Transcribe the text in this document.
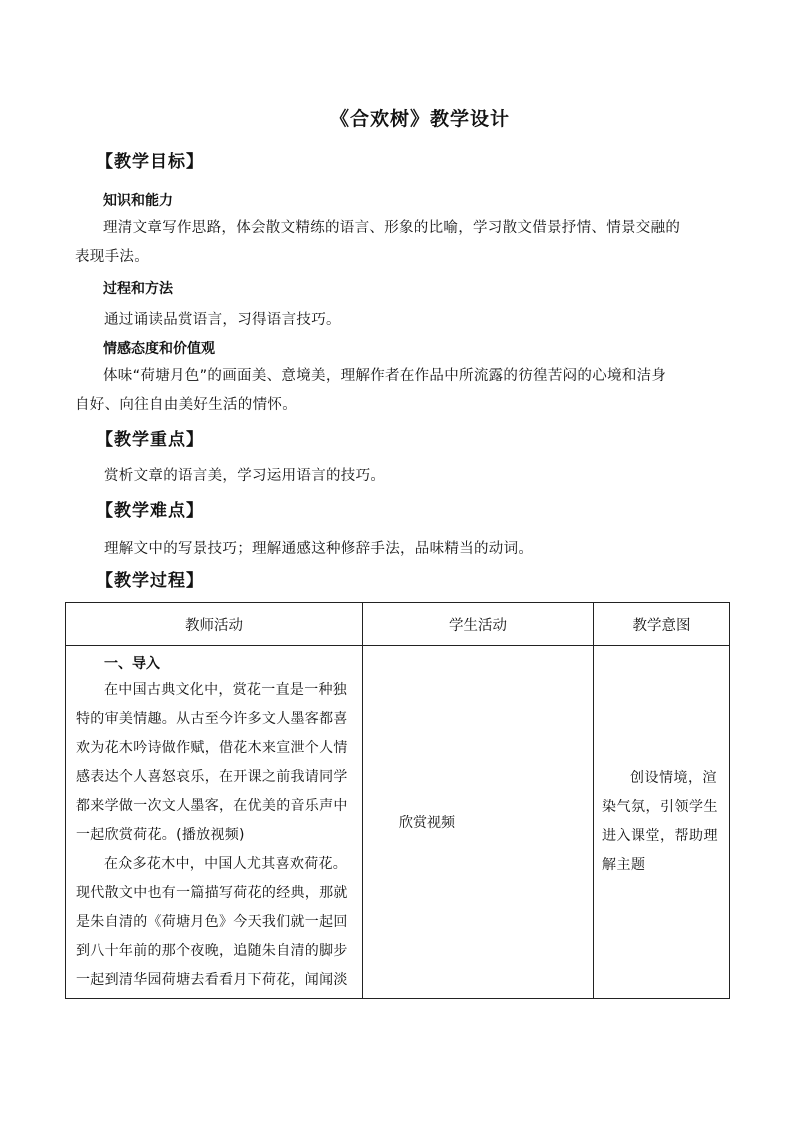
《合欢树》教学设计
【教学目标】
知识和能力
理清文章写作思路，体会散文精练的语言、形象的比喻，学习散文借景抒情、情景交融的
表现手法。
过程和方法
通过诵读品赏语言，习得语言技巧。
情感态度和价值观
体味“荷塘月色”的画面美、意境美，理解作者在作品中所流露的彷徨苦闷的心境和洁身
自好、向往自由美好生活的情怀。
【教学重点】
赏析文章的语言美，学习运用语言的技巧。
【教学难点】
理解文中的写景技巧；理解通感这种修辞手法，品味精当的动词。
【教学过程】
教师活动	学生活动	教学意图

一、导入

在中国古典文化中，赏花一直是一种独特的审美情趣。从古至今许多文人墨客都喜欢为花木吟诗做作赋，借花木来宣泄个人情感表达个人喜怒哀乐，在开课之前我请同学都来学做一次文人墨客，在优美的音乐声中一起欣赏荷花。(播放视频)

在众多花木中，中国人尤其喜欢荷花。现代散文中也有一篇描写荷花的经典，那就是朱自清的《荷塘月色》今天我们就一起回到八十年前的那个夜晚，追随朱自清的脚步一起到清华园荷塘去看看月下荷花，闻闻淡	欣赏视频	创设情境，渲染气氛，引领学生进入课堂，帮助理解主题
